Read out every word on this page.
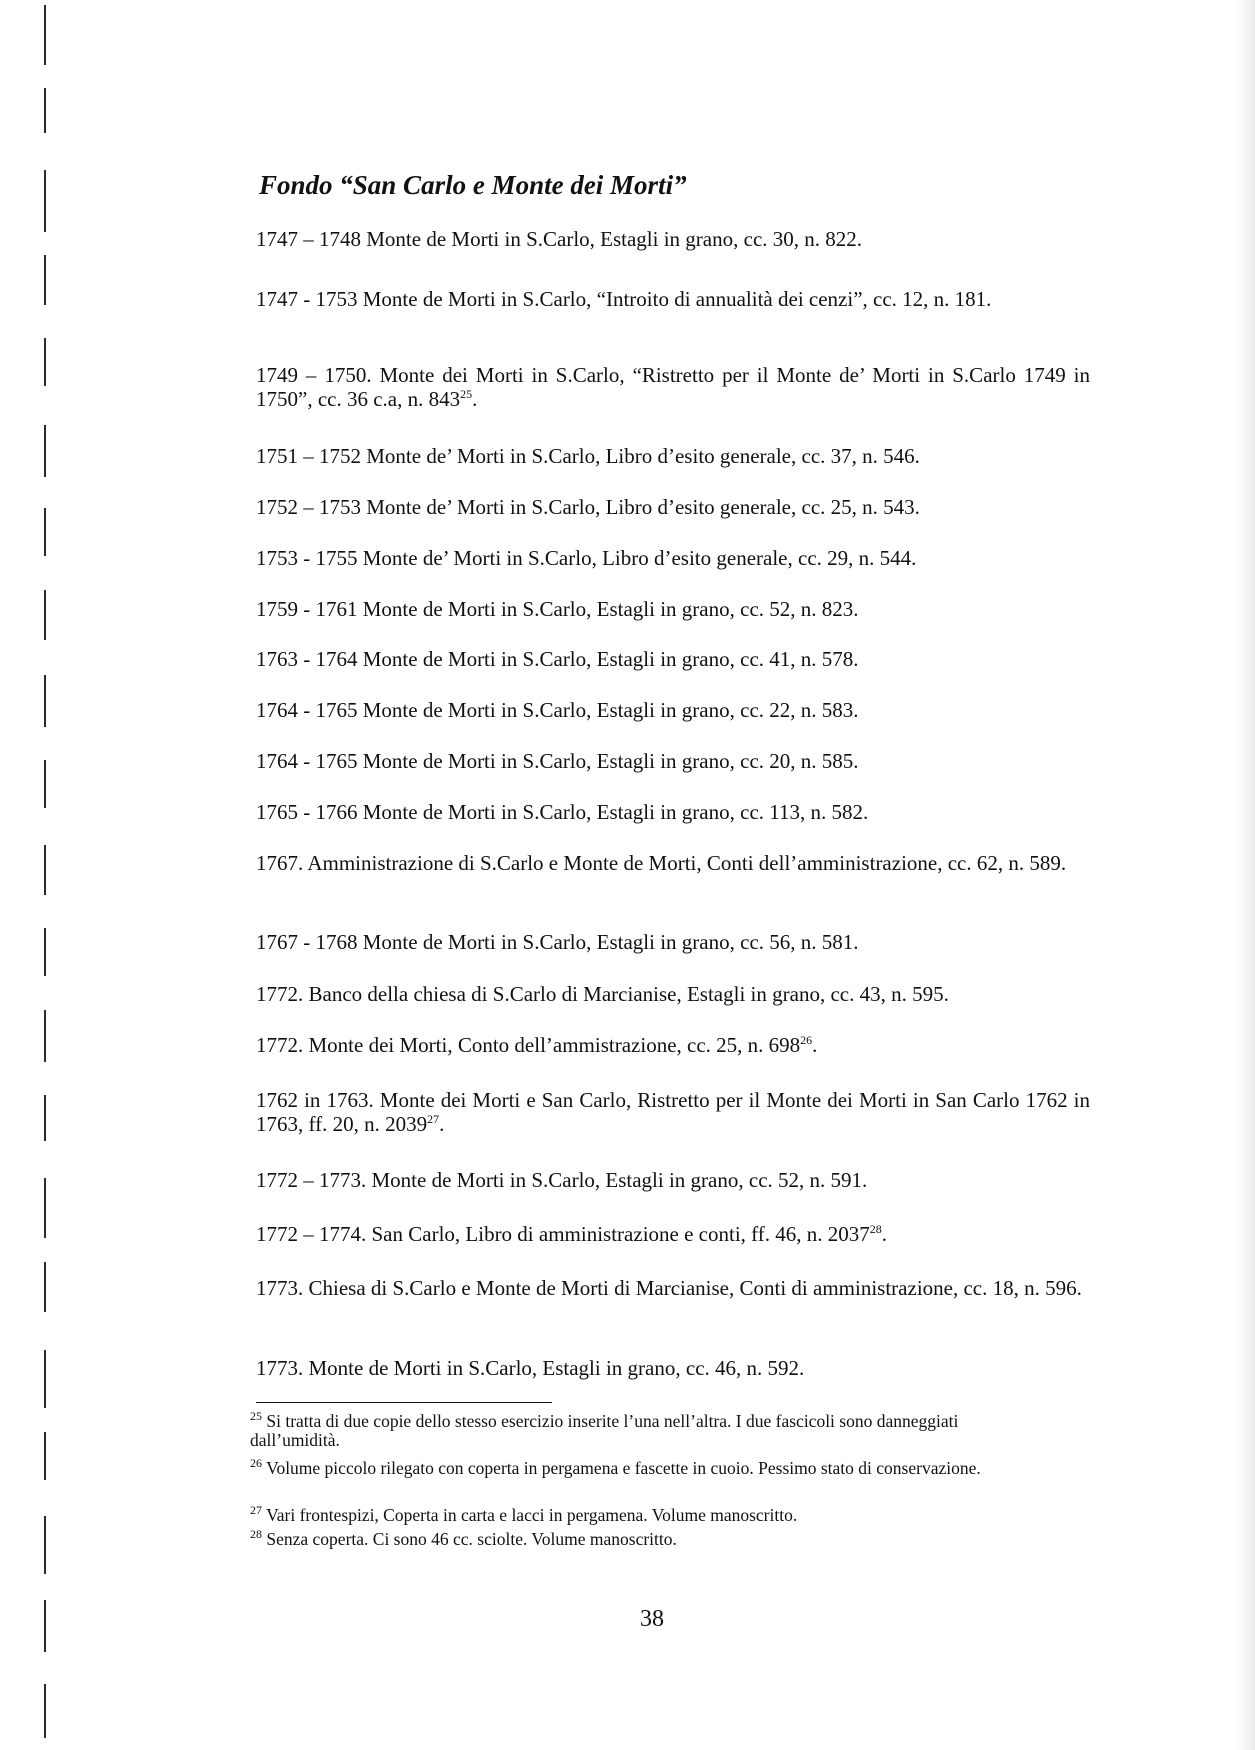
Fondo “San Carlo e Monte dei Morti”
1747 – 1748 Monte de Morti in S.Carlo, Estagli in grano, cc. 30, n. 822.
1747 - 1753 Monte de Morti in S.Carlo, “Introito di annualità dei cenzi”, cc. 12, n. 181.
1749 – 1750. Monte dei Morti in S.Carlo, “Ristretto per il Monte de’ Morti in S.Carlo 1749 in 1750”, cc. 36 c.a, n. $843^{25}$.
1751 – 1752 Monte de’ Morti in S.Carlo, Libro d’esito generale, cc. 37, n. 546.
1752 – 1753 Monte de’ Morti in S.Carlo, Libro d’esito generale, cc. 25, n. 543.
1753 - 1755 Monte de’ Morti in S.Carlo, Libro d’esito generale, cc. 29, n. 544.
1759 - 1761 Monte de Morti in S.Carlo, Estagli in grano, cc. 52, n. 823.
1763 - 1764 Monte de Morti in S.Carlo, Estagli in grano, cc. 41, n. 578.
1764 - 1765 Monte de Morti in S.Carlo, Estagli in grano, cc. 22, n. 583.
1764 - 1765 Monte de Morti in S.Carlo, Estagli in grano, cc. 20, n. 585.
1765 - 1766 Monte de Morti in S.Carlo, Estagli in grano, cc. 113, n. 582.
1767. Amministrazione di S.Carlo e Monte de Morti, Conti dell’amministrazione, cc. 62, n. 589.
1767 - 1768 Monte de Morti in S.Carlo, Estagli in grano, cc. 56, n. 581.
1772. Banco della chiesa di S.Carlo di Marcianise, Estagli in grano, cc. 43, n. 595.
1772. Monte dei Morti, Conto dell’ammistrazione, cc. 25, n. $698^{26}$.
1762 in 1763. Monte dei Morti e San Carlo, Ristretto per il Monte dei Morti in San Carlo 1762 in 1763, ff. 20, n. 2039$^{27}$.
1772 – 1773. Monte de Morti in S.Carlo, Estagli in grano, cc. 52, n. 591.
1772 – 1774. San Carlo, Libro di amministrazione e conti, ff. 46, n. 2037$^{28}$.
1773. Chiesa di S.Carlo e Monte de Morti di Marcianise, Conti di amministrazione, cc. 18, n. 596.
1773. Monte de Morti in S.Carlo, Estagli in grano, cc. 46, n. 592.
$^{25}$ Si tratta di due copie dello stesso esercizio inserite l’una nell’altra. I due fascicoli sono danneggiati dall’umidità.
$^{26}$ Volume piccolo rilegato con coperta in pergamena e fascette in cuoio. Pessimo stato di conservazione.
$^{27}$ Vari frontespizi, Coperta in carta e lacci in pergamena. Volume manoscritto.
$^{28}$ Senza coperta. Ci sono 46 cc. sciolte. Volume manoscritto.
38
